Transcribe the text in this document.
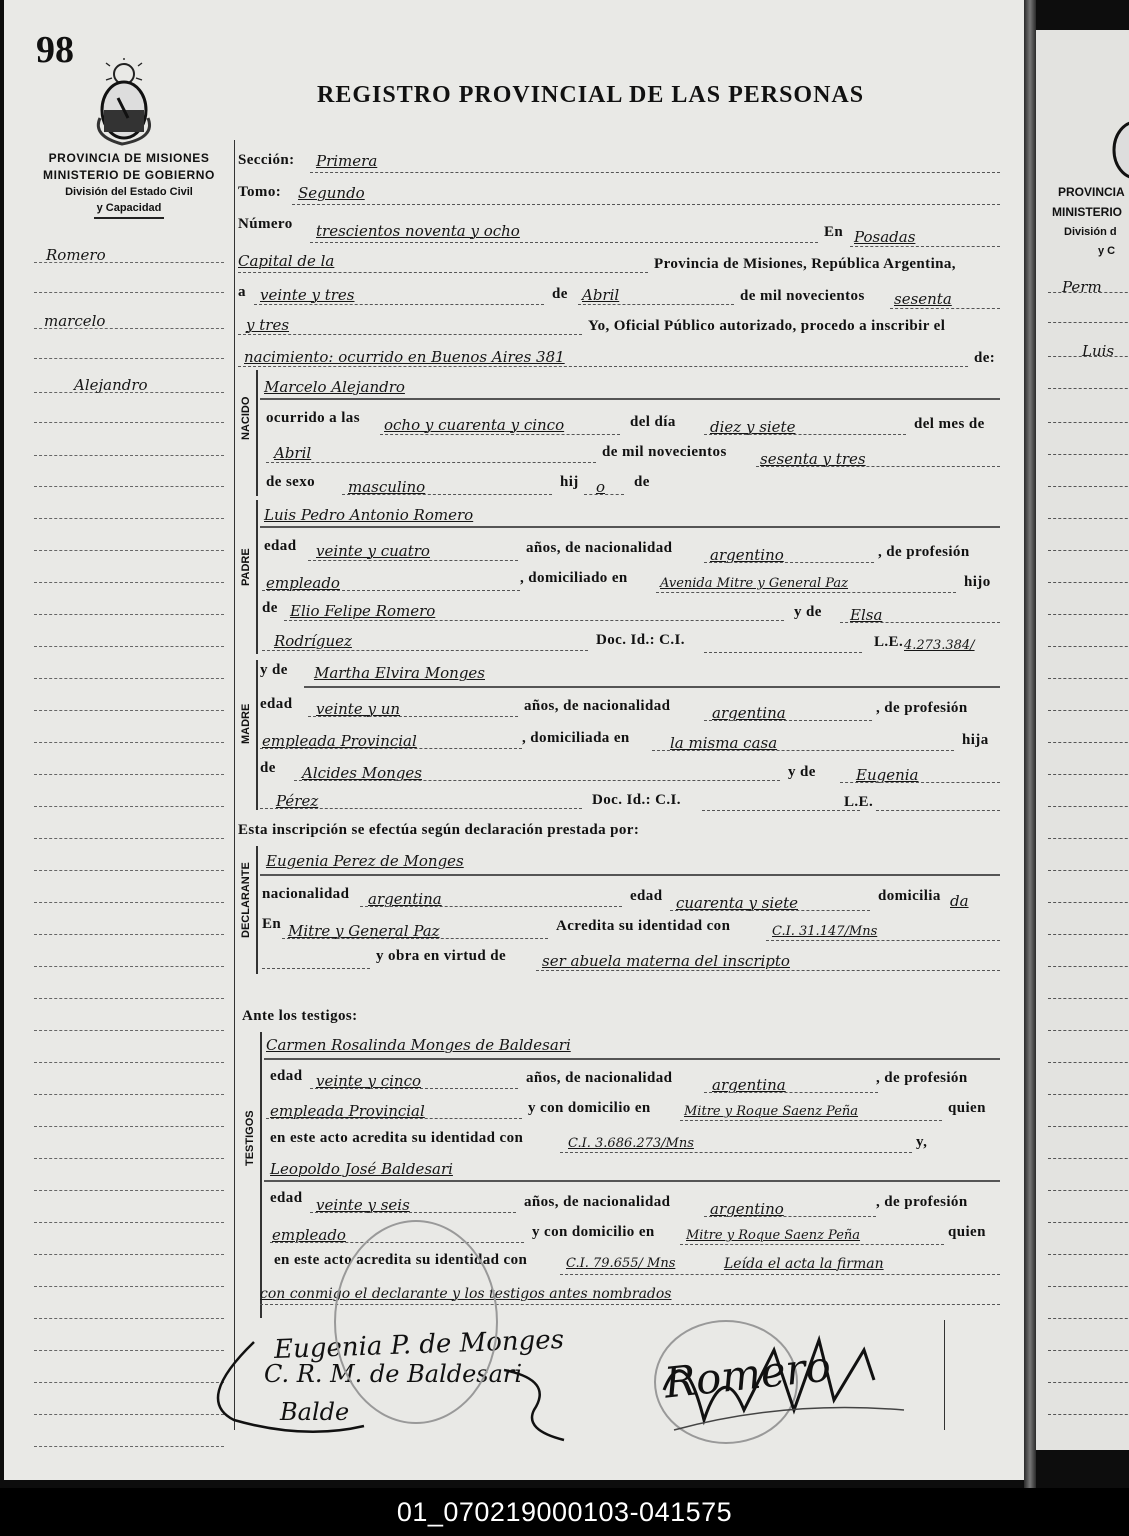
98
REGISTRO PROVINCIAL DE LAS PERSONAS
PROVINCIA DE MISIONES
MINISTERIO DE GOBIERNO
División del Estado Civil
y Capacidad
Romero
marcelo
Alejandro
Sección: Primera
Tomo: Segundo
Número trescientos noventa y ocho	En Posadas
Capital de la	Provincia de Misiones, República Argentina,
a veinte y tres	de Abril	de mil novecientos sesenta
y tres	Yo, Oficial Público autorizado, procedo a inscribir el
nacimiento: ocurrido en Buenos Aires 381	de:
NACIDO
Marcelo Alejandro
ocurrido a las ocho y cuarenta y cinco	del día diez y siete	del mes de
Abril	de mil novecientos sesenta y tres
de sexo masculino	hij o de
PADRE
Luis Pedro Antonio Romero
edad veinte y cuatro	años, de nacionalidad	argentino	, de profesión
empleado	, domiciliado en Avenida Mitre y General Paz	hijo
de Elio Felipe Romero	y de Elsa
Rodríguez	Doc. Id.: C.I.	L.E. 4.273.384/
MADRE
y de Martha Elvira Monges
edad veinte y un	años, de nacionalidad	argentina	, de profesión
empleada Provincial	, domiciliada en	la misma casa	hija
de Alcides Monges	y de	Eugenia
Pérez	Doc. Id.: C.I.	L.E.
Esta inscripción se efectúa según declaración prestada por:
DECLARANTE
Eugenia Perez de Monges
nacionalidad argentina	edad cuarenta y siete	domicilia da
En Mitre y General Paz	Acredita su identidad con	C.I. 31.147/Mns
y obra en virtud de ser abuela materna del inscripto
Ante los testigos:
TESTIGOS
Carmen Rosalinda Monges de Baldesari
edad veinte y cinco	años, de nacionalidad	argentina	, de profesión
empleada Provincial	y con domicilio en	Mitre y Roque Saenz Peña	quien
en este acto acredita su identidad con	C.I. 3.686.273/Mns	y,
Leopoldo José Baldesari
edad veinte y seis	años, de nacionalidad	argentino	, de profesión
empleado	y con domicilio en Mitre y Roque Saenz Peña	quien
en este acto acredita su identidad con	C.I. 79.655/ Mns	Leída el acta la firman
con conmigo el declarante y los testigos antes nombrados
Eugenia P. de Monges
C. R. M. de Baldesari
Balde
Romero
PROVINCIA
MINISTERIO
División d
y C
Perm
Luis
01_070219000103-041575
